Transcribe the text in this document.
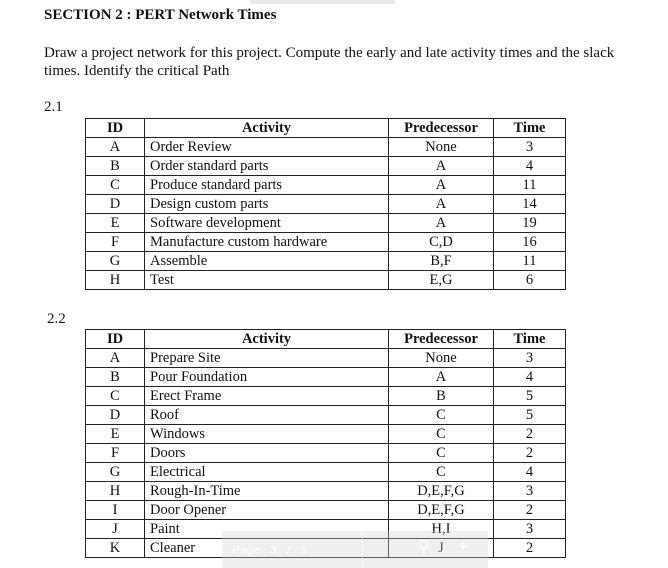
SECTION 2 : PERT Network Times
Draw a project network for this project. Compute the early and late activity times and the slack times. Identify the critical Path
2.1
ID	Activity	Predecessor	Time
A	Order Review	None	3
B	Order standard parts	A	4
C	Produce standard parts	A	11
D	Design custom parts	A	14
E	Software development	A	19
F	Manufacture custom hardware	C,D	16
G	Assemble	B,F	11
H	Test	E,G	6
2.2
ID	Activity	Predecessor	Time
A	Prepare Site	None	3
B	Pour Foundation	A	4
C	Erect Frame	B	5
D	Roof	C	5
E	Windows	C	2
F	Doors	C	2
G	Electrical	C	4
H	Rough-In-Time	D,E,F,G	3
I	Door Opener	D,E,F,G	2
J	Paint	H,I	3
K	Cleaner	J	2
Page 3 / 3	⚲ +
